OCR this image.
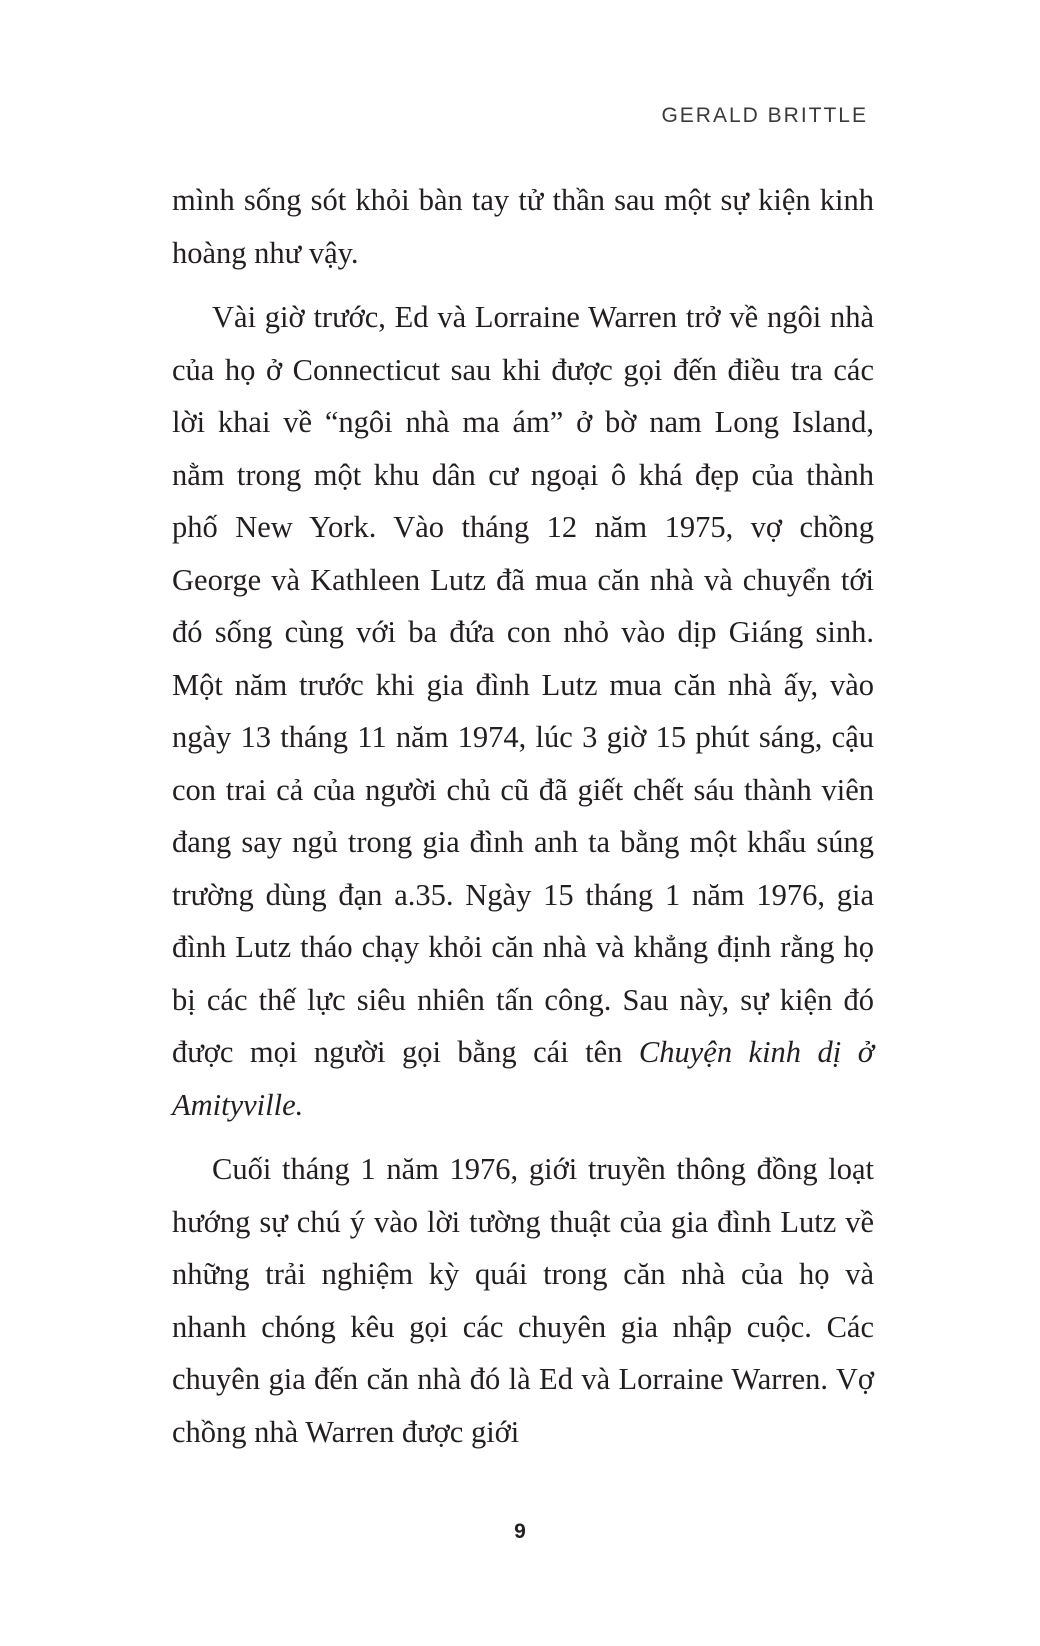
GERALD BRITTLE

mình sống sót khỏi bàn tay tử thần sau một sự kiện kinh hoàng như vậy.

Vài giờ trước, Ed và Lorraine Warren trở về ngôi nhà của họ ở Connecticut sau khi được gọi đến điều tra các lời khai về “ngôi nhà ma ám” ở bờ nam Long Island, nằm trong một khu dân cư ngoại ô khá đẹp của thành phố New York. Vào tháng 12 năm 1975, vợ chồng George và Kathleen Lutz đã mua căn nhà và chuyển tới đó sống cùng với ba đứa con nhỏ vào dịp Giáng sinh. Một năm trước khi gia đình Lutz mua căn nhà ấy, vào ngày 13 tháng 11 năm 1974, lúc 3 giờ 15 phút sáng, cậu con trai cả của người chủ cũ đã giết chết sáu thành viên đang say ngủ trong gia đình anh ta bằng một khẩu súng trường dùng đạn a.35. Ngày 15 tháng 1 năm 1976, gia đình Lutz tháo chạy khỏi căn nhà và khẳng định rằng họ bị các thế lực siêu nhiên tấn công. Sau này, sự kiện đó được mọi người gọi bằng cái tên Chuyện kinh dị ở Amityville.

Cuối tháng 1 năm 1976, giới truyền thông đồng loạt hướng sự chú ý vào lời tường thuật của gia đình Lutz về những trải nghiệm kỳ quái trong căn nhà của họ và nhanh chóng kêu gọi các chuyên gia nhập cuộc. Các chuyên gia đến căn nhà đó là Ed và Lorraine Warren. Vợ chồng nhà Warren được giới

9
